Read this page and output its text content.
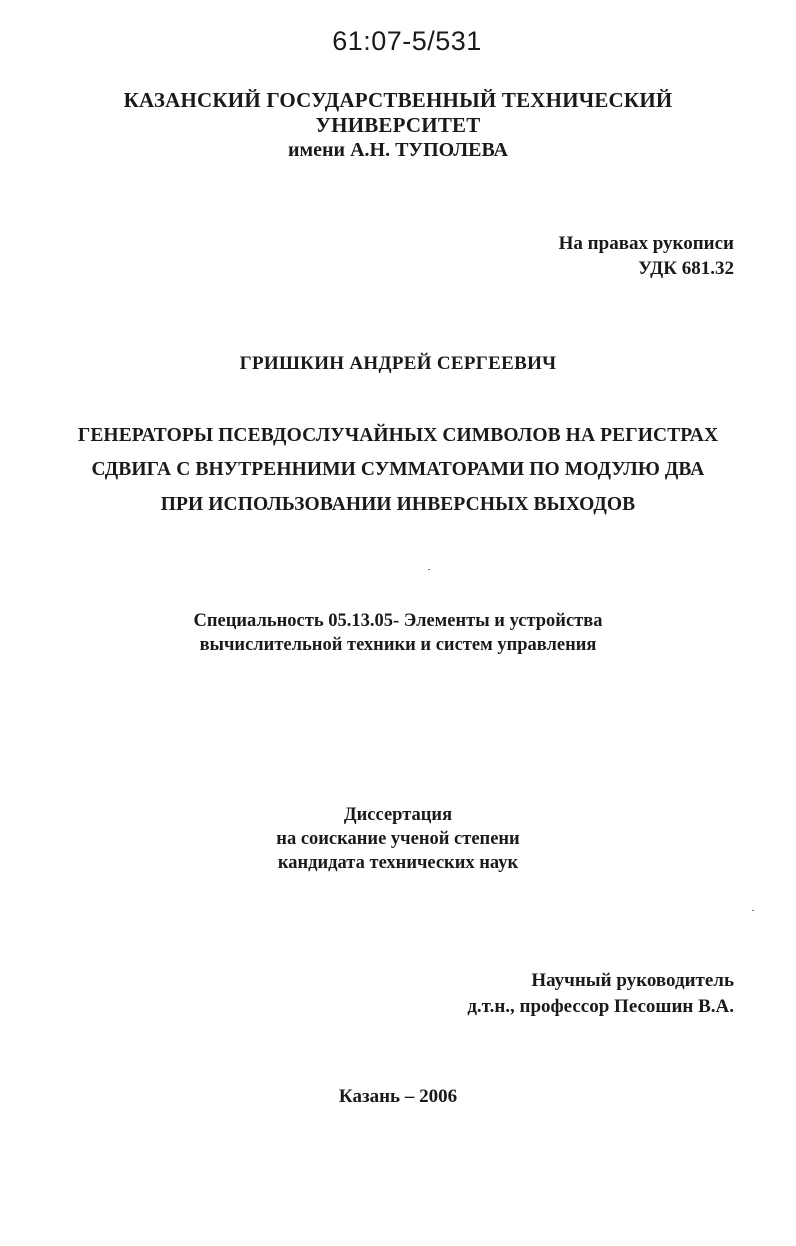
61:07-5/531
КАЗАНСКИЙ ГОСУДАРСТВЕННЫЙ ТЕХНИЧЕСКИЙ
УНИВЕРСИТЕТ
имени А.Н. ТУПОЛЕВА
На правах рукописи
УДК 681.32
ГРИШКИН АНДРЕЙ СЕРГЕЕВИЧ
ГЕНЕРАТОРЫ ПСЕВДОСЛУЧАЙНЫХ СИМВОЛОВ НА РЕГИСТРАХ
СДВИГА С ВНУТРЕННИМИ СУММАТОРАМИ ПО МОДУЛЮ ДВА
ПРИ ИСПОЛЬЗОВАНИИ ИНВЕРСНЫХ ВЫХОДОВ
Специальность 05.13.05- Элементы и устройства
вычислительной техники и систем управления
Диссертация
на соискание ученой степени
кандидата технических наук
Научный руководитель
д.т.н., профессор Песошин В.А.
Казань – 2006
